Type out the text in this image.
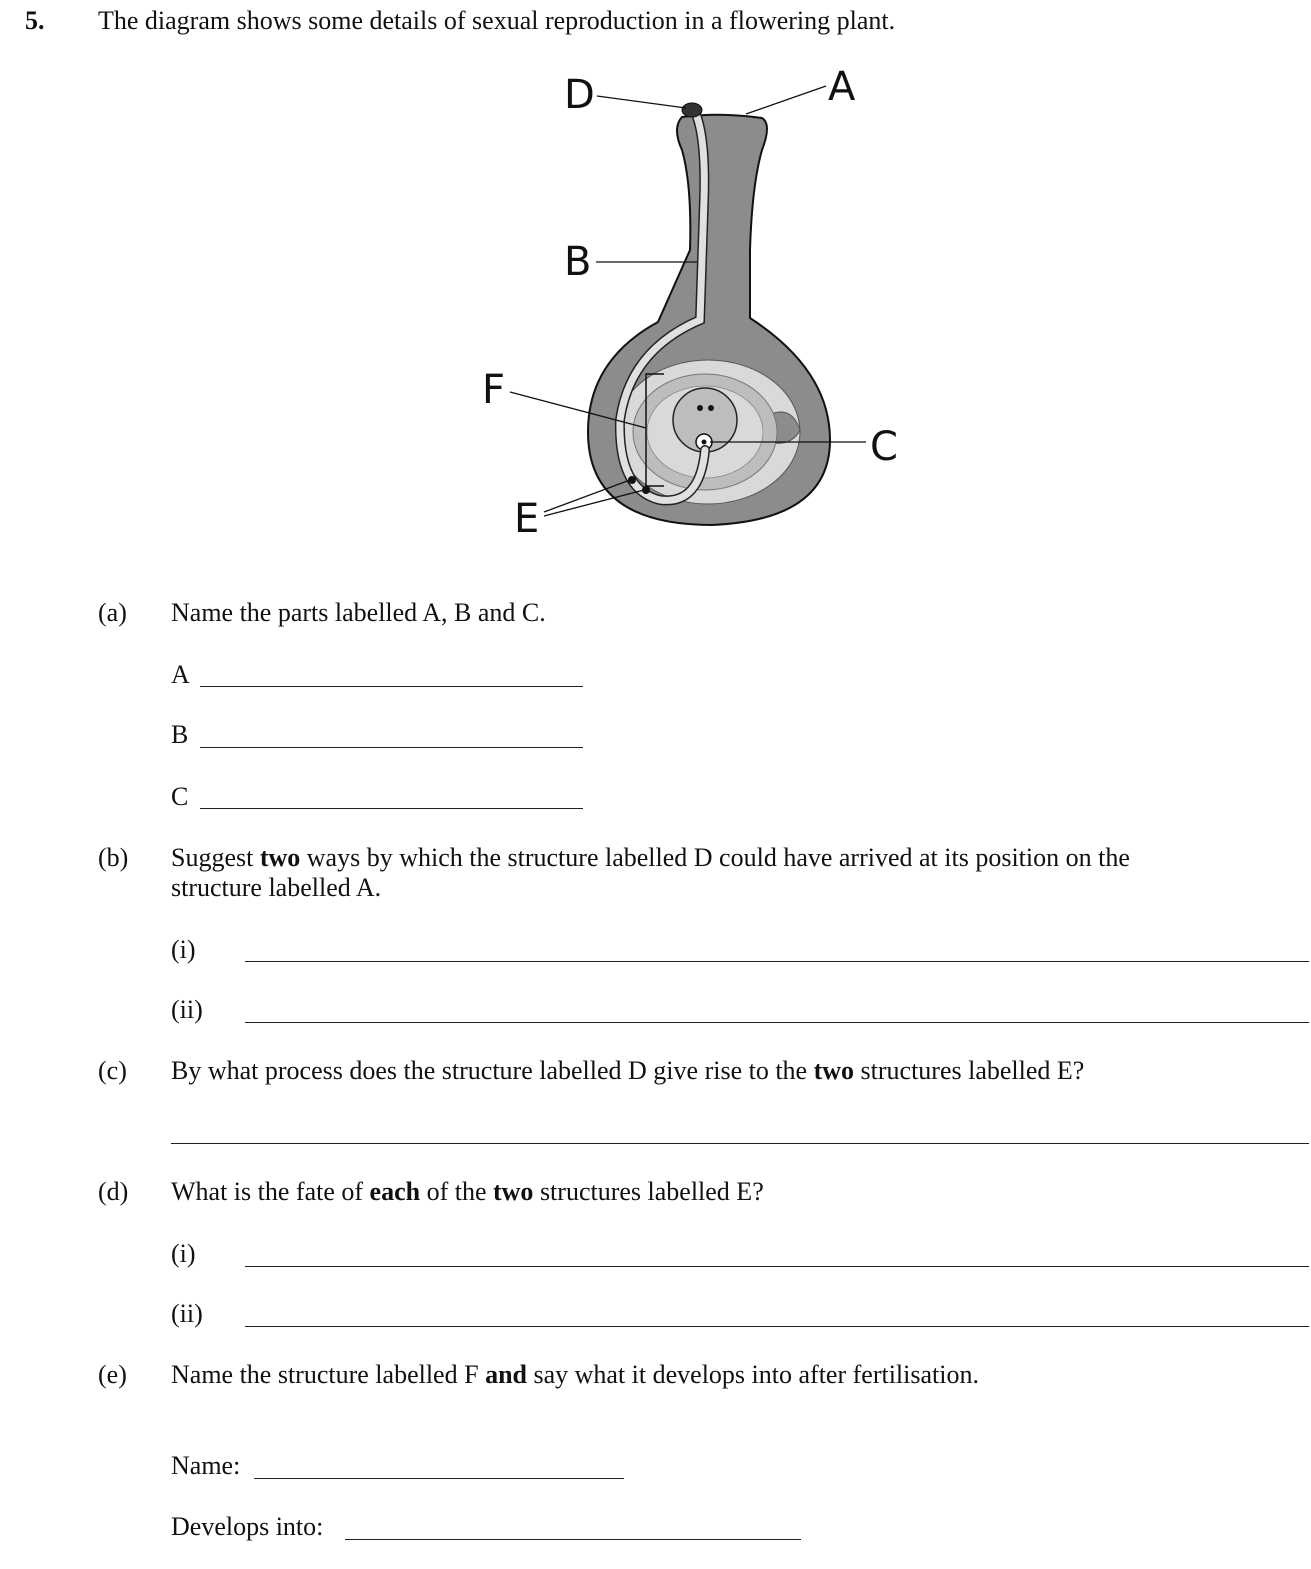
5. The diagram shows some details of sexual reproduction in a flowering plant.
D	A
B
F
C
E
(a) Name the parts labelled A, B and C.
A
B
C
(b) Suggest two ways by which the structure labelled D could have arrived at its position on the
structure labelled A.
(i)
(ii)
(c) By what process does the structure labelled D give rise to the two structures labelled E?
(d) What is the fate of each of the two structures labelled E?
(i)
(ii)
(e) Name the structure labelled F and say what it develops into after fertilisation.
Name:
Develops into:
